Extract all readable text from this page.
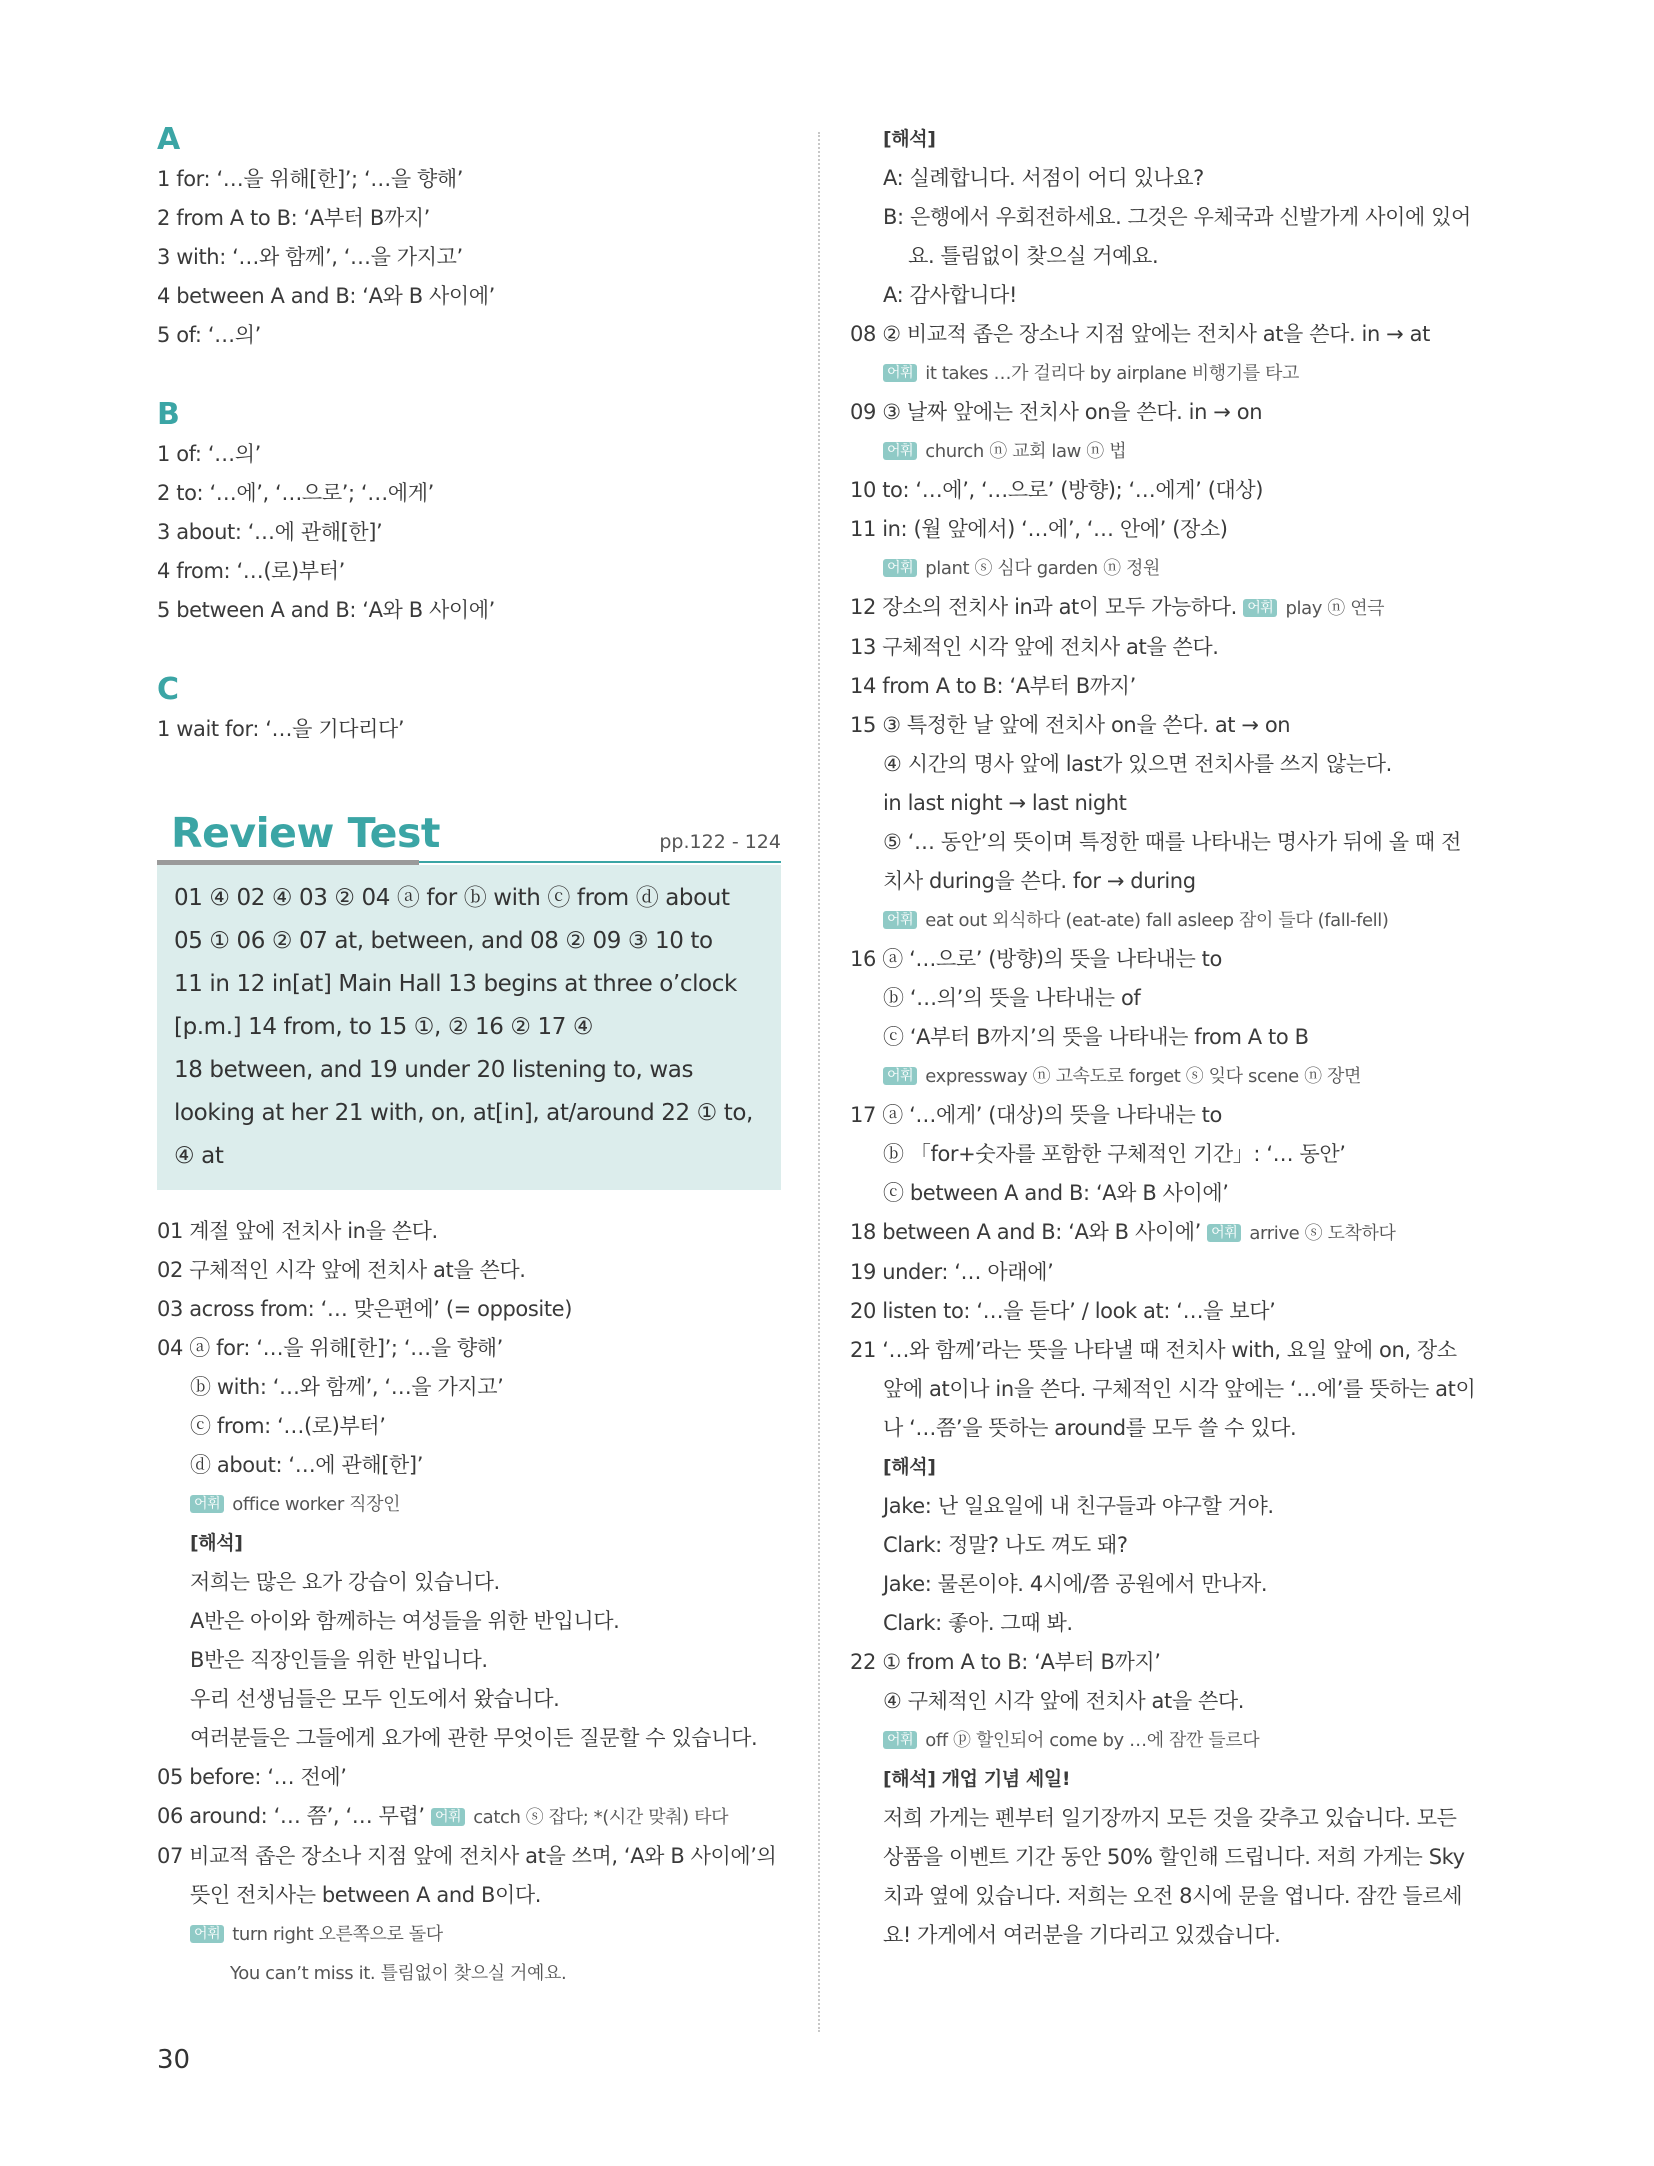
A
1 for: ‘…을 위해[한]’; ‘…을 향해’
2 from A to B: ‘A부터 B까지’
3 with: ‘…와 함께’, ‘…을 가지고’
4 between A and B: ‘A와 B 사이에’
5 of: ‘…의’
B
1 of: ‘…의’
2 to: ‘…에’, ‘…으로’; ‘…에게’
3 about: ‘…에 관해[한]’
4 from: ‘…(로)부터’
5 between A and B: ‘A와 B 사이에’
C
1 wait for: ‘…을 기다리다’
Review Test	pp.122 - 124
01 ④ 02 ④ 03 ② 04 ⓐ for ⓑ with ⓒ from ⓓ about
05 ① 06 ② 07 at, between, and 08 ② 09 ③ 10 to
11 in 12 in[at] Main Hall 13 begins at three o’clock
[p.m.] 14 from, to 15 ①, ② 16 ② 17 ④
18 between, and 19 under 20 listening to, was
looking at her 21 with, on, at[in], at/around 22 ① to,
④ at
01 계절 앞에 전치사 in을 쓴다.
02 구체적인 시각 앞에 전치사 at을 쓴다.
03 across from: ‘… 맞은편에’ (= opposite)
04 ⓐ for: ‘…을 위해[한]’; ‘…을 향해’
ⓑ with: ‘…와 함께’, ‘…을 가지고’
ⓒ from: ‘…(로)부터’
ⓓ about: ‘…에 관해[한]’
어휘 office worker 직장인
[해석]
저희는 많은 요가 강습이 있습니다.
A반은 아이와 함께하는 여성들을 위한 반입니다.
B반은 직장인들을 위한 반입니다.
우리 선생님들은 모두 인도에서 왔습니다.
여러분들은 그들에게 요가에 관한 무엇이든 질문할 수 있습니다.
05 before: ‘… 전에’
06 around: ‘… 쯤’, ‘… 무렵’ 어휘 catch ⓢ 잡다; *(시간 맞춰) 타다
07 비교적 좁은 장소나 지점 앞에 전치사 at을 쓰며, ‘A와 B 사이에’의
뜻인 전치사는 between A and B이다.
어휘 turn right 오른쪽으로 돌다
You can’t miss it. 틀림없이 찾으실 거예요.
[해석]
A: 실례합니다. 서점이 어디 있나요?
B: 은행에서 우회전하세요. 그것은 우체국과 신발가게 사이에 있어
요. 틀림없이 찾으실 거예요.
A: 감사합니다!
08 ② 비교적 좁은 장소나 지점 앞에는 전치사 at을 쓴다. in → at
어휘 it takes …가 걸리다 by airplane 비행기를 타고
09 ③ 날짜 앞에는 전치사 on을 쓴다. in → on
어휘 church ⓝ 교회 law ⓝ 법
10 to: ‘…에’, ‘…으로’ (방향); ‘…에게’ (대상)
11 in: (월 앞에서) ‘…에’, ‘… 안에’ (장소)
어휘 plant ⓢ 심다 garden ⓝ 정원
12 장소의 전치사 in과 at이 모두 가능하다. 어휘 play ⓝ 연극
13 구체적인 시각 앞에 전치사 at을 쓴다.
14 from A to B: ‘A부터 B까지’
15 ③ 특정한 날 앞에 전치사 on을 쓴다. at → on
④ 시간의 명사 앞에 last가 있으면 전치사를 쓰지 않는다.
in last night → last night
⑤ ‘… 동안’의 뜻이며 특정한 때를 나타내는 명사가 뒤에 올 때 전
치사 during을 쓴다. for → during
어휘 eat out 외식하다 (eat-ate) fall asleep 잠이 들다 (fall-fell)
16 ⓐ ‘…으로’ (방향)의 뜻을 나타내는 to
ⓑ ‘…의’의 뜻을 나타내는 of
ⓒ ‘A부터 B까지’의 뜻을 나타내는 from A to B
어휘 expressway ⓝ 고속도로 forget ⓢ 잊다 scene ⓝ 장면
17 ⓐ ‘…에게’ (대상)의 뜻을 나타내는 to
ⓑ 「for+숫자를 포함한 구체적인 기간」: ‘… 동안’
ⓒ between A and B: ‘A와 B 사이에’
18 between A and B: ‘A와 B 사이에’ 어휘 arrive ⓢ 도착하다
19 under: ‘… 아래에’
20 listen to: ‘…을 듣다’ / look at: ‘…을 보다’
21 ‘…와 함께’라는 뜻을 나타낼 때 전치사 with, 요일 앞에 on, 장소
앞에 at이나 in을 쓴다. 구체적인 시각 앞에는 ‘…에’를 뜻하는 at이
나 ‘…쯤’을 뜻하는 around를 모두 쓸 수 있다.
[해석]
Jake: 난 일요일에 내 친구들과 야구할 거야.
Clark: 정말? 나도 껴도 돼?
Jake: 물론이야. 4시에/쯤 공원에서 만나자.
Clark: 좋아. 그때 봐.
22 ① from A to B: ‘A부터 B까지’
④ 구체적인 시각 앞에 전치사 at을 쓴다.
어휘 off ⓟ 할인되어 come by …에 잠깐 들르다
[해석] 개업 기념 세일!
저희 가게는 펜부터 일기장까지 모든 것을 갖추고 있습니다. 모든
상품을 이벤트 기간 동안 50% 할인해 드립니다. 저희 가게는 Sky
치과 옆에 있습니다. 저희는 오전 8시에 문을 엽니다. 잠깐 들르세
요! 가게에서 여러분을 기다리고 있겠습니다.
30
